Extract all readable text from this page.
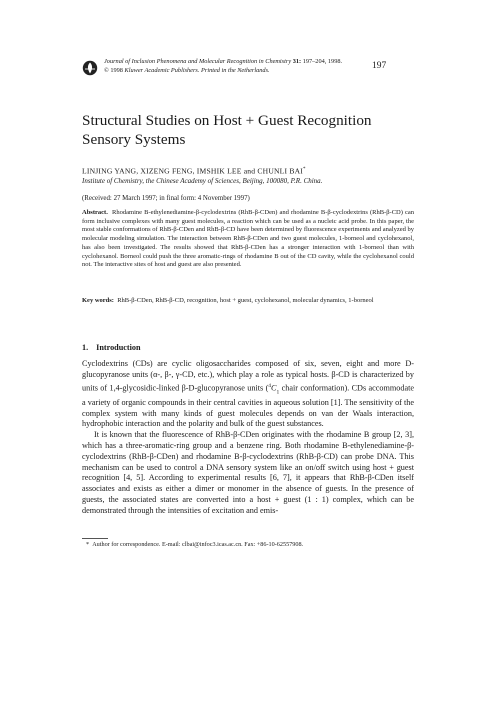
Journal of Inclusion Phenomena and Molecular Recognition in Chemistry 31: 197–204, 1998.
© 1998 Kluwer Academic Publishers. Printed in the Netherlands.	197
Structural Studies on Host + Guest Recognition
Sensory Systems
LINJING YANG, XIZENG FENG, IMSHIK LEE and CHUNLI BAI*
Institute of Chemistry, the Chinese Academy of Sciences, Beijing, 100080, P.R. China.
(Received: 27 March 1997; in final form: 4 November 1997)

Abstract. Rhodamine B-ethylenediamine-β-cyclodextrins (RhB-β-CDen) and rhodamine B-β-cyclodextrins (RhB-β-CD) can form inclusive complexes with many guest molecules, a reaction which can be used as a nucleic acid probe. In this paper, the most stable conformations of RhB-β-CDen and RhB-β-CD have been determined by fluorescence experiments and analyzed by molecular modeling simulation. The interaction between RhB-β-CDen and two guest molecules, 1-borneol and cyclohexanol, has also been investigated. The results showed that RhB-β-CDen has a stronger interaction with 1-borneol than with cyclohexanol. Borneol could push the three aromatic-rings of rhodamine B out of the CD cavity, while the cyclohexanol could not. The interactive sites of host and guest are also presented.

Key words: RhB-β-CDen, RhB-β-CD, recognition, host + guest, cyclohexanol, molecular dynamics, 1-borneol

1. Introduction

Cyclodextrins (CDs) are cyclic oligosaccharides composed of six, seven, eight and more D-glucopyranose units (α-, β-, γ-CD, etc.), which play a role as typical hosts. β-CD is characterized by units of 1,4-glycosidic-linked β-D-glucopyranose units ($^4C_1$ chair conformation). CDs accommodate a variety of organic compounds in their central cavities in aqueous solution [1]. The sensitivity of the complex system with many kinds of guest molecules depends on van der Waals interaction, hydrophobic interaction and the polarity and bulk of the guest substances.

It is known that the fluorescence of RhB-β-CDen originates with the rhodamine B group [2, 3], which has a three-aromatic-ring group and a benzene ring. Both rhodamine B-ethylenediamine-β-cyclodextrins (RhB-β-CDen) and rhodamine B-β-cyclodextrins (RhB-β-CD) can probe DNA. This mechanism can be used to control a DNA sensory system like an on/off switch using host + guest recognition [4, 5]. According to experimental results [6, 7], it appears that RhB-β-CDen itself associates and exists as either a dimer or monomer in the absence of guests. In the presence of guests, the associated states are converted into a host + guest (1 : 1) complex, which can be demonstrated through the intensities of excitation and emis-

* Author for correspondence. E-mail: clbai@infoc3.icas.ac.cn. Fax: +86-10-62557908.
